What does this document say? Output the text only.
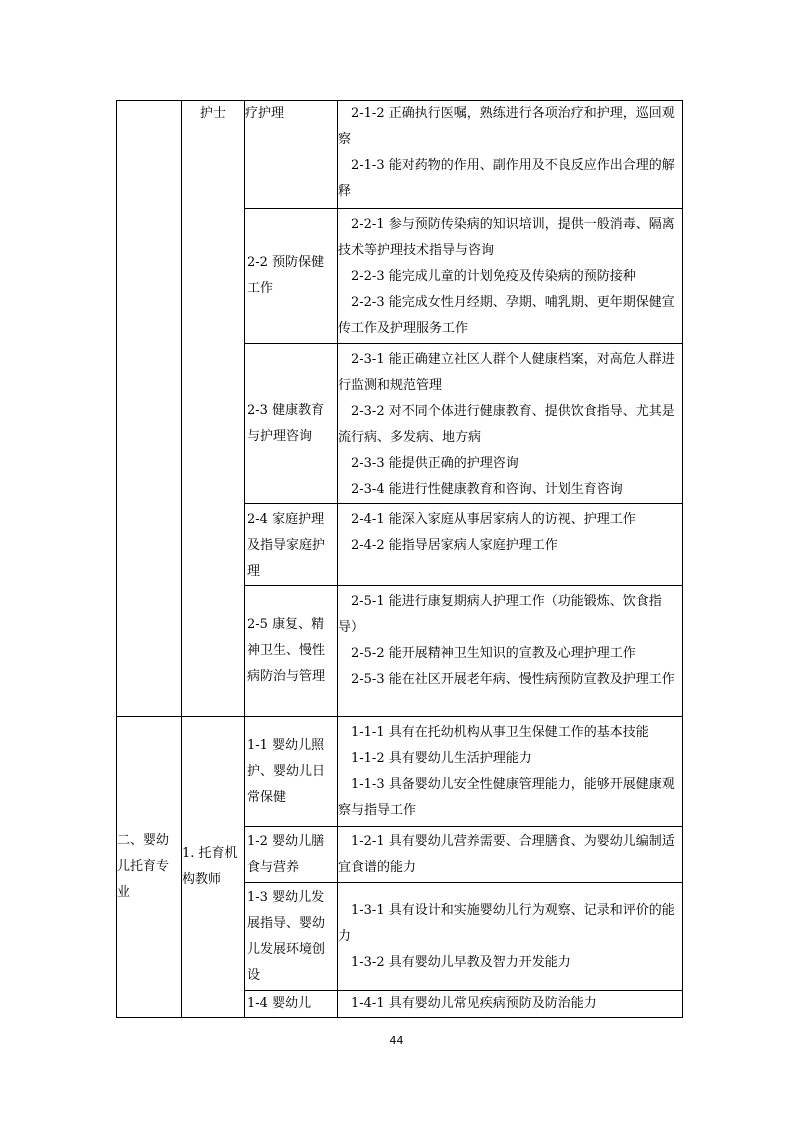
	护士	疗护理	2-1-2 正确执行医嘱，熟练进行各项治疗和护理，巡回观察
2-1-3 能对药物的作用、副作用及不良反应作出合理的解释

		2-2 预防保健工作	2-2-1 参与预防传染病的知识培训，提供一般消毒、隔离技术等护理技术指导与咨询
2-2-3 能完成儿童的计划免疫及传染病的预防接种
2-2-3 能完成女性月经期、孕期、哺乳期、更年期保健宣传工作及护理服务工作

		2-3 健康教育与护理咨询	2-3-1 能正确建立社区人群个人健康档案，对高危人群进行监测和规范管理
2-3-2 对不同个体进行健康教育、提供饮食指导、尤其是流行病、多发病、地方病
2-3-3 能提供正确的护理咨询
2-3-4 能进行性健康教育和咨询、计划生育咨询

		2-4 家庭护理及指导家庭护理	2-4-1 能深入家庭从事居家病人的访视、护理工作
2-4-2 能指导居家病人家庭护理工作

		2-5 康复、精神卫生、慢性病防治与管理	2-5-1 能进行康复期病人护理工作（功能锻炼、饮食指导）
2-5-2 能开展精神卫生知识的宣教及心理护理工作
2-5-3 能在社区开展老年病、慢性病预防宣教及护理工作

二、婴幼儿托育专业	1. 托育机构教师	1-1 婴幼儿照护、婴幼儿日常保健	1-1-1 具有在托幼机构从事卫生保健工作的基本技能
1-1-2 具有婴幼儿生活护理能力
1-1-3 具备婴幼儿安全性健康管理能力，能够开展健康观察与指导工作

		1-2 婴幼儿膳食与营养	1-2-1 具有婴幼儿营养需要、合理膳食、为婴幼儿编制适宜食谱的能力

		1-3 婴幼儿发展指导、婴幼儿发展环境创设	1-3-1 具有设计和实施婴幼儿行为观察、记录和评价的能力
1-3-2 具有婴幼儿早教及智力开发能力

		1-4 婴幼儿	1-4-1 具有婴幼儿常见疾病预防及防治能力
44
